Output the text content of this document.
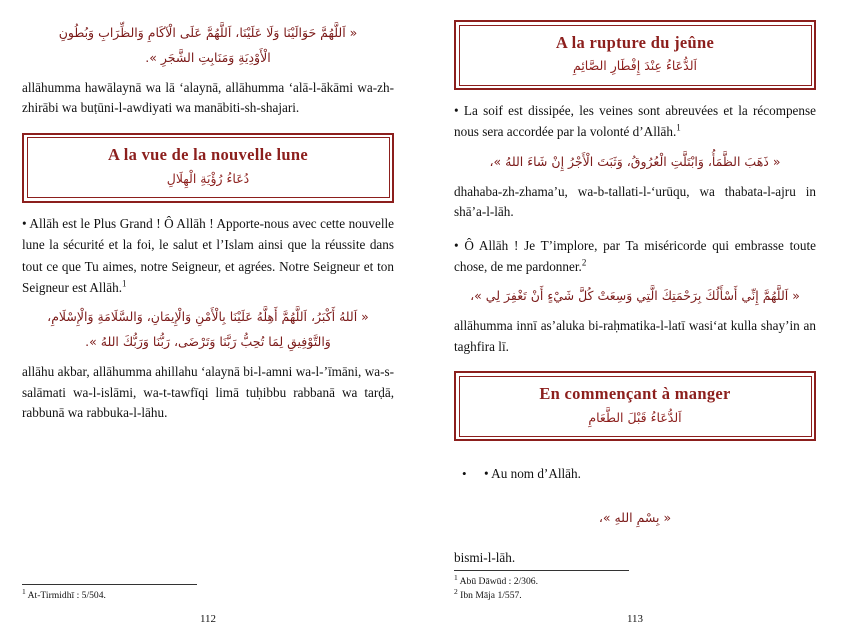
« اَللَّهُمَّ حَوَالَيْنَا وَلَا عَلَيْنَا، اَللَّهُمَّ عَلَى الْآكَامِ وَالظِّرَابِ وَبُطُونِ
الْأَوْدِيَةِ وَمَنَابِتِ الشَّجَرِ ».
allāhumma hawālaynā wa lā ‘alaynā, allāhumma ‘alā-l-ākāmi wa-zh-zhirābi wa buṭūni-l-awdiyati wa manābiti-sh-shajari.
A la vue de la nouvelle lune
دُعَاءُ رُؤْيَةِ الْهِلَالِ
• Allāh est le Plus Grand ! Ô Allāh ! Apporte-nous avec cette nouvelle lune la sécurité et la foi, le salut et l’Islam ainsi que la réussite dans tout ce que Tu aimes, notre Seigneur, et agrées. Notre Seigneur et ton Seigneur est Allāh.$^1$
« اَللهُ أَكْبَرُ، اَللَّهُمَّ أَهِلَّهُ عَلَيْنَا بِالْأَمْنِ وَالْإِيمَانِ، وَالسَّلَامَةِ وَالْإِسْلَامِ،
وَالتَّوْفِيقِ لِمَا تُحِبُّ رَبَّنَا وَتَرْضَى، رَبُّنَا وَرَبُّكَ اللهُ ».
allāhu akbar, allāhumma ahillahu ‘alaynā bi-l-amni wa-l-’īmāni, wa-s-salāmati wa-l-islāmi, wa-t-tawfīqi limā tuḥibbu rabbanā wa tarḍā, rabbunā wa rabbuka-l-lāhu.

$^1$ At-Tirmidhī : 5/504.

112
A la rupture du jeûne
اَلدُّعَاءُ عِنْدَ إِفْطَارِ الصَّائِمِ
• La soif est dissipée, les veines sont abreuvées et la récompense nous sera accordée par la volonté d’Allāh.$^1$
« ذَهَبَ الظَّمَأُ، وَابْتَلَّتِ الْعُرُوقُ، وَثَبَتَ الْأَجْرُ إِنْ شَاءَ اللهُ »،
dhahaba-zh-zhama’u, wa-b-tallati-l-‘urūqu, wa thabata-l-ajru in shā’a-l-lāh.
• Ô Allāh ! Je T’implore, par Ta miséricorde qui embrasse toute chose, de me pardonner.$^2$
« اَللَّهُمَّ إِنِّي أَسْأَلُكَ بِرَحْمَتِكَ الَّتِي وَسِعَتْ كُلَّ شَيْءٍ أَنْ تَغْفِرَ لِي »،
allāhumma innī as’aluka bi-raḥmatika-l-latī wasi‘at kulla shay’in an taghfira lī.
En commençant à manger
اَلدُّعَاءُ قَبْلَ الطَّعَامِ
• • Au nom d’Allāh.
« بِسْمِ اللهِ »،
bismi-l-lāh.

$^1$ Abū Dāwūd : 2/306.

$^2$ Ibn Māja 1/557.

113
